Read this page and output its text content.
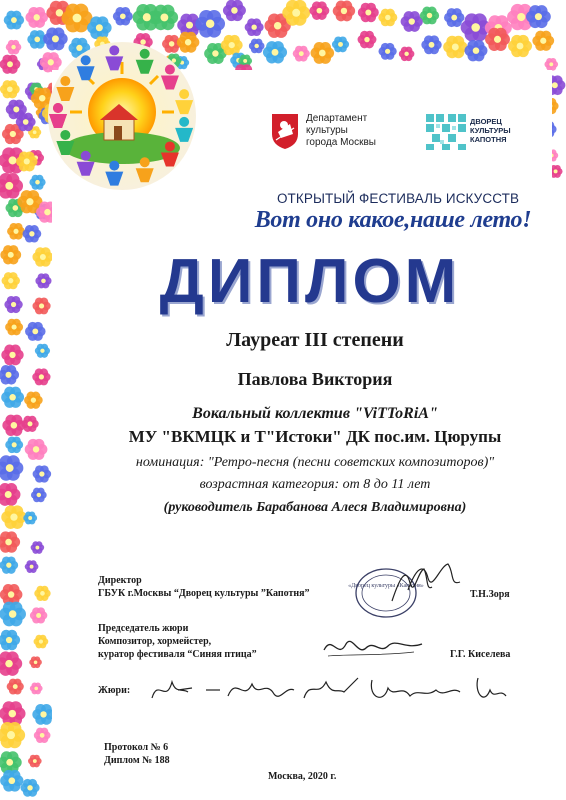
Департамент
культуры
города Москвы
ДВОРЕЦ
КУЛЬТУРЫ
КАПОТНЯ
ОТКРЫТЫЙ ФЕСТИВАЛЬ ИСКУССТВ
Вот оно какое,наше лето!
ДИПЛОМ
Лауреат III степени
Павлова Виктория
Вокальный коллектив "ViTToRiA"
МУ "ВКМЦК и Т"Истоки" ДК пос.им. Цюрупы
номинация: "Ретро-песня (песни советских композиторов)"
возрастная категория: от 8 до 11 лет
(руководитель Барабанова Алеся Владимировна)
Директор
ГБУК г.Москвы “Дворец культуры ”Капотня”	Т.Н.Зоря
«Дворец культуры «Капотня»
Председатель жюри
Композитор, хормейстер,
куратор фестиваля “Синяя птица”	Г.Г. Киселева
Жюри:
Протокол № 6
Диплом № 188
Москва, 2020 г.
